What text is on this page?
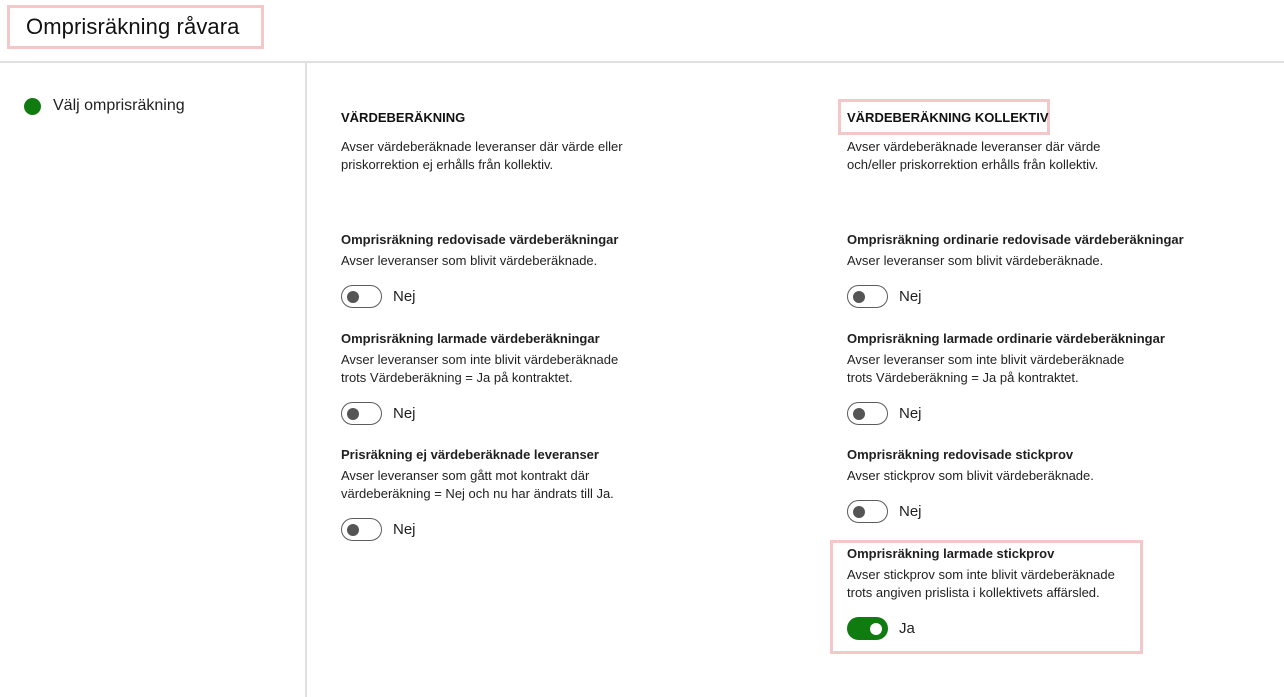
Omprisräkning råvara
Välj omprisräkning
VÄRDEBERÄKNING
Avser värdeberäknade leveranser där värde eller
priskorrektion ej erhålls från kollektiv.
Omprisräkning redovisade värdeberäkningar
Avser leveranser som blivit värdeberäknade.
Nej
Omprisräkning larmade värdeberäkningar
Avser leveranser som inte blivit värdeberäknade
trots Värdeberäkning = Ja på kontraktet.
Nej
Prisräkning ej värdeberäknade leveranser
Avser leveranser som gått mot kontrakt där
värdeberäkning = Nej och nu har ändrats till Ja.
Nej
VÄRDEBERÄKNING KOLLEKTIV
Avser värdeberäknade leveranser där värde
och/eller priskorrektion erhålls från kollektiv.
Omprisräkning ordinarie redovisade värdeberäkningar
Avser leveranser som blivit värdeberäknade.
Nej
Omprisräkning larmade ordinarie värdeberäkningar
Avser leveranser som inte blivit värdeberäknade
trots Värdeberäkning = Ja på kontraktet.
Nej
Omprisräkning redovisade stickprov
Avser stickprov som blivit värdeberäknade.
Nej
Omprisräkning larmade stickprov
Avser stickprov som inte blivit värdeberäknade
trots angiven prislista i kollektivets affärsled.
Ja
